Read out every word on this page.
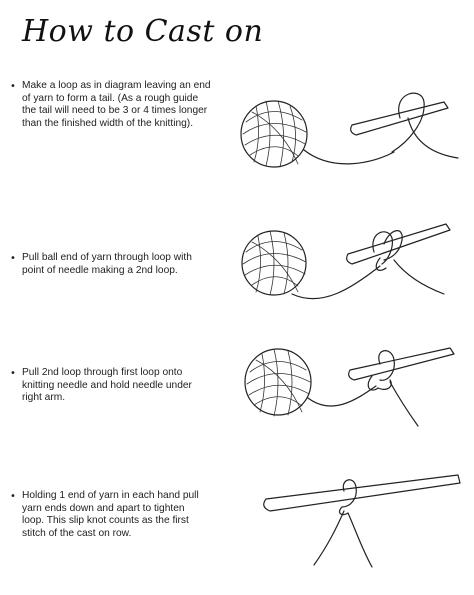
How to Cast on
• Make a loop as in diagram leaving an end
of yarn to form a tail. (As a rough guide
the tail will need to be 3 or 4 times longer
than the finished width of the knitting).
• Pull ball end of yarn through loop with
point of needle making a 2nd loop.
• Pull 2nd loop through first loop onto
knitting needle and hold needle under
right arm.
• Holding 1 end of yarn in each hand pull
yarn ends down and apart to tighten
loop. This slip knot counts as the first
stitch of the cast on row.
